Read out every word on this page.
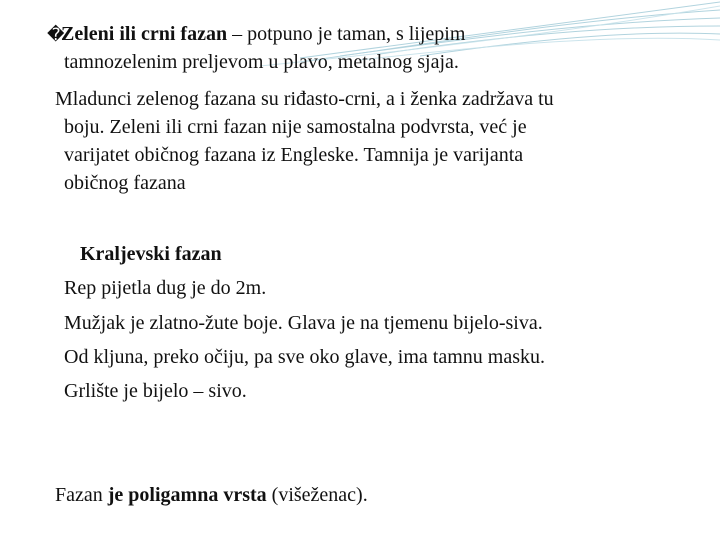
�Zeleni ili crni fazan – potpuno je taman, s lijepim

tamnozelenim preljevom u plavo, metalnog sjaja.

Mladunci zelenog fazana su riđasto-crni, a i ženka zadržava tu

boju. Zeleni ili crni fazan nije samostalna podvrsta, već je

varijatet običnog fazana iz Engleske. Tamnija je varijanta

običnog fazana

Kraljevski fazan

Rep pijetla dug je do 2m.

Mužjak je zlatno-žute boje. Glava je na tjemenu bijelo-siva.

Od kljuna, preko očiju, pa sve oko glave, ima tamnu masku.

Grlište je bijelo – sivo.

Fazan je poligamna vrsta (višeženac).
